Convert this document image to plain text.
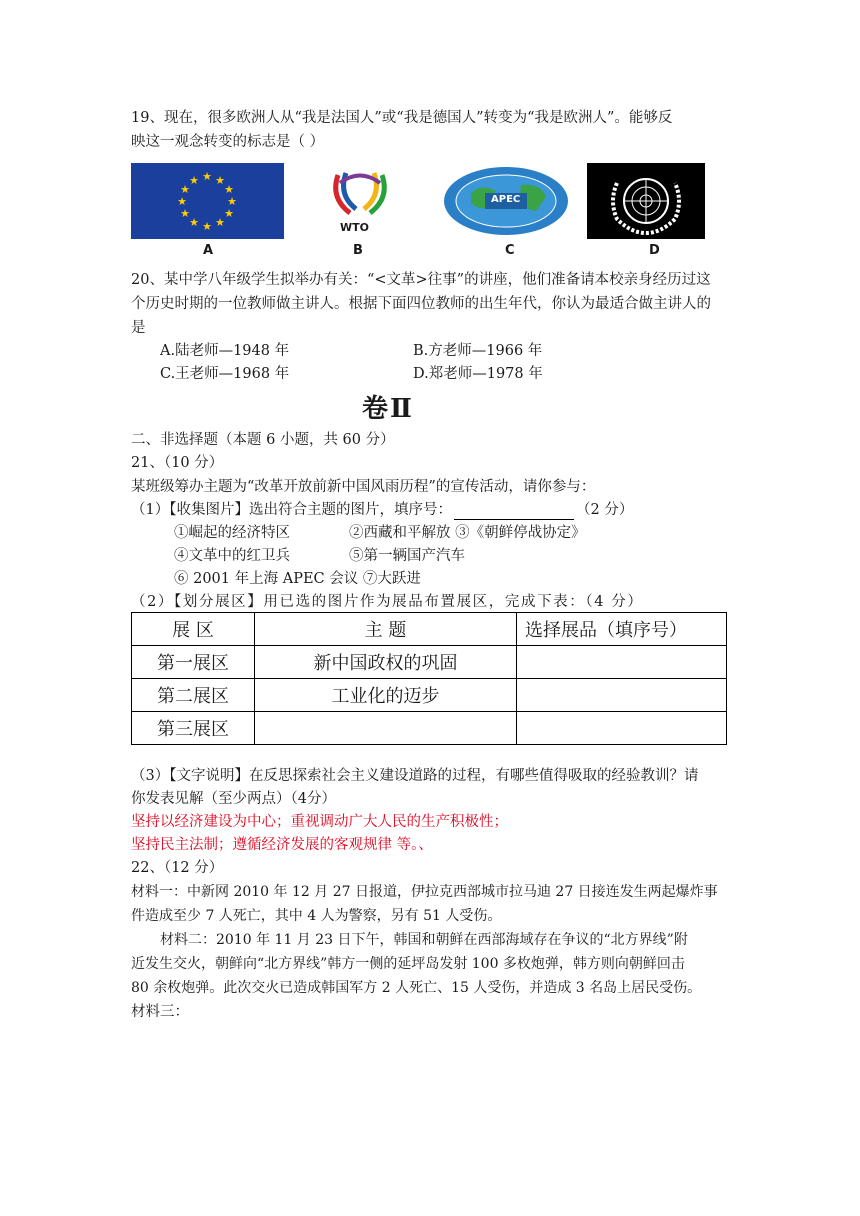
19、现在，很多欧洲人从“我是法国人”或“我是德国人”转变为“我是欧洲人”。能够反
映这一观念转变的标志是（ ）
★ ★
★
★
★
★
★
★
★
★
★
★
A
WTO
B
APEC
C	D
20、某中学八年级学生拟举办有关：“<文革>往事”的讲座，他们准备请本校亲身经历过这
个历史时期的一位教师做主讲人。根据下面四位教师的出生年代，你认为最适合做主讲人的
是
A.陆老师—1948 年	B.方老师—1966 年
C.王老师—1968 年	D.郑老师—1978 年
卷Ⅱ
二、非选择题（本题 6 小题，共 60 分）
21、（10 分）
某班级筹办主题为“改革开放前新中国风雨历程”的宣传活动，请你参与：
（1）【收集图片】选出符合主题的图片，填序号：	（2 分）
①崛起的经济特区	②西藏和平解放 ③《朝鲜停战协定》
④文革中的红卫兵	⑤第一辆国产汽车
⑥ 2001 年上海 APEC 会议 ⑦大跃进
（2）【划分展区】用已选的图片作为展品布置展区，完成下表：（4 分）
展 区	主 题	选择展品（填序号）
第一展区	新中国政权的巩固	
第二展区	工业化的迈步	
第三展区		
（3）【文字说明】在反思探索社会主义建设道路的过程，有哪些值得吸取的经验教训？请
你发表见解（至少两点）（4分）
坚持以经济建设为中心；重视调动广大人民的生产积极性；
坚持民主法制；遵循经济发展的客观规律 等。、
22、（12 分）
材料一：中新网 2010 年 12 月 27 日报道，伊拉克西部城市拉马迪 27 日接连发生两起爆炸事
件造成至少 7 人死亡，其中 4 人为警察，另有 51 人受伤。
材料二：2010 年 11 月 23 日下午，韩国和朝鲜在西部海域存在争议的“北方界线”附
近发生交火，朝鲜向“北方界线”韩方一侧的延坪岛发射 100 多枚炮弹，韩方则向朝鲜回击
80 余枚炮弹。此次交火已造成韩国军方 2 人死亡、15 人受伤，并造成 3 名岛上居民受伤。
材料三：
